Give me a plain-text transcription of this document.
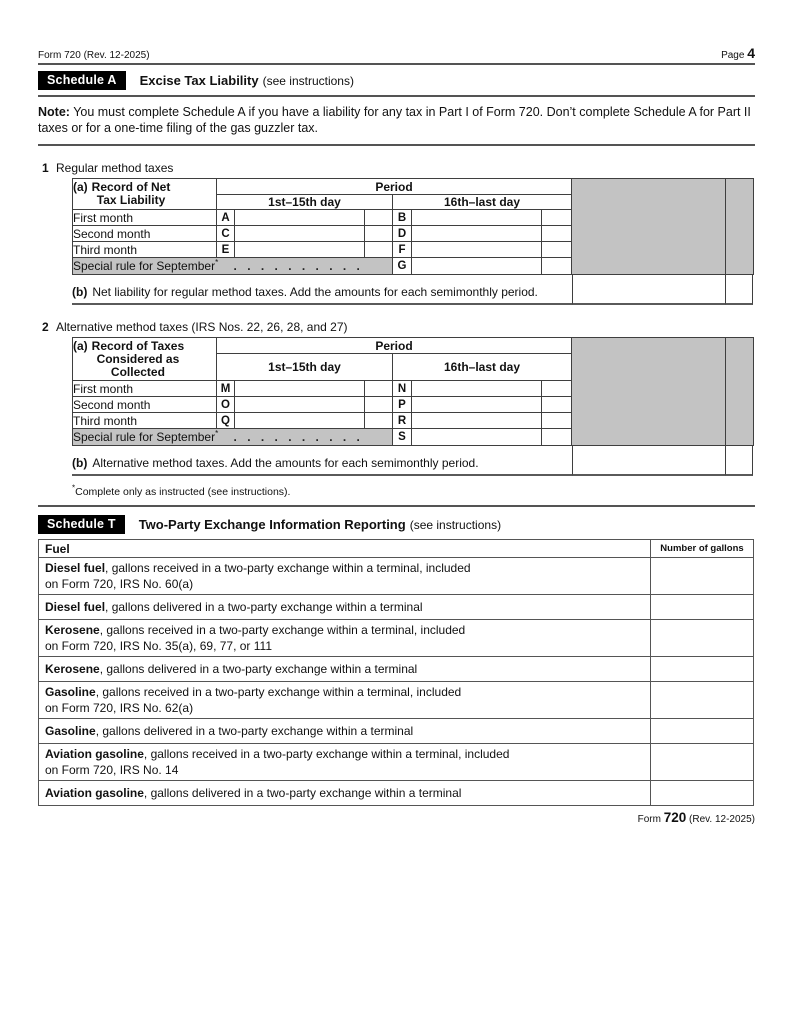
Form 720 (Rev. 12-2025)	Page 4
Schedule A	Excise Tax Liability (see instructions)
Note: You must complete Schedule A if you have a liability for any tax in Part I of Form 720. Don’t complete Schedule A for Part II taxes or for a one-time filing of the gas guzzler tax.
1 Regular method taxes
(a) Record of Net
Tax Liability	Period							
	1st–15th day			16th–last day				
First month	A			B				
Second month	C			D				
Third month	E			F				
Special rule for September* . . . . . . . . . .				G				
(b) Net liability for regular method taxes. Add the amounts for each semimonthly period.
2 Alternative method taxes (IRS Nos. 22, 26, 28, and 27)
(a) Record of Taxes
Considered as
Collected	Period							
	1st–15th day			16th–last day				
First month	M			N				
Second month	O			P				
Third month	Q			R				
Special rule for September* . . . . . . . . . .				S				
(b) Alternative method taxes. Add the amounts for each semimonthly period.
*Complete only as instructed (see instructions).
Schedule T	Two-Party Exchange Information Reporting (see instructions)
Fuel	Number of gallons

Diesel fuel, gallons received in a two-party exchange within a terminal, included
on Form 720, IRS No. 60(a)	

Diesel fuel, gallons delivered in a two-party exchange within a terminal	

Kerosene, gallons received in a two-party exchange within a terminal, included
on Form 720, IRS No. 35(a), 69, 77, or 111	

Kerosene, gallons delivered in a two-party exchange within a terminal	

Gasoline, gallons received in a two-party exchange within a terminal, included
on Form 720, IRS No. 62(a)	

Gasoline, gallons delivered in a two-party exchange within a terminal	

Aviation gasoline, gallons received in a two-party exchange within a terminal, included
on Form 720, IRS No. 14	

Aviation gasoline, gallons delivered in a two-party exchange within a terminal	

Form 720 (Rev. 12-2025)
